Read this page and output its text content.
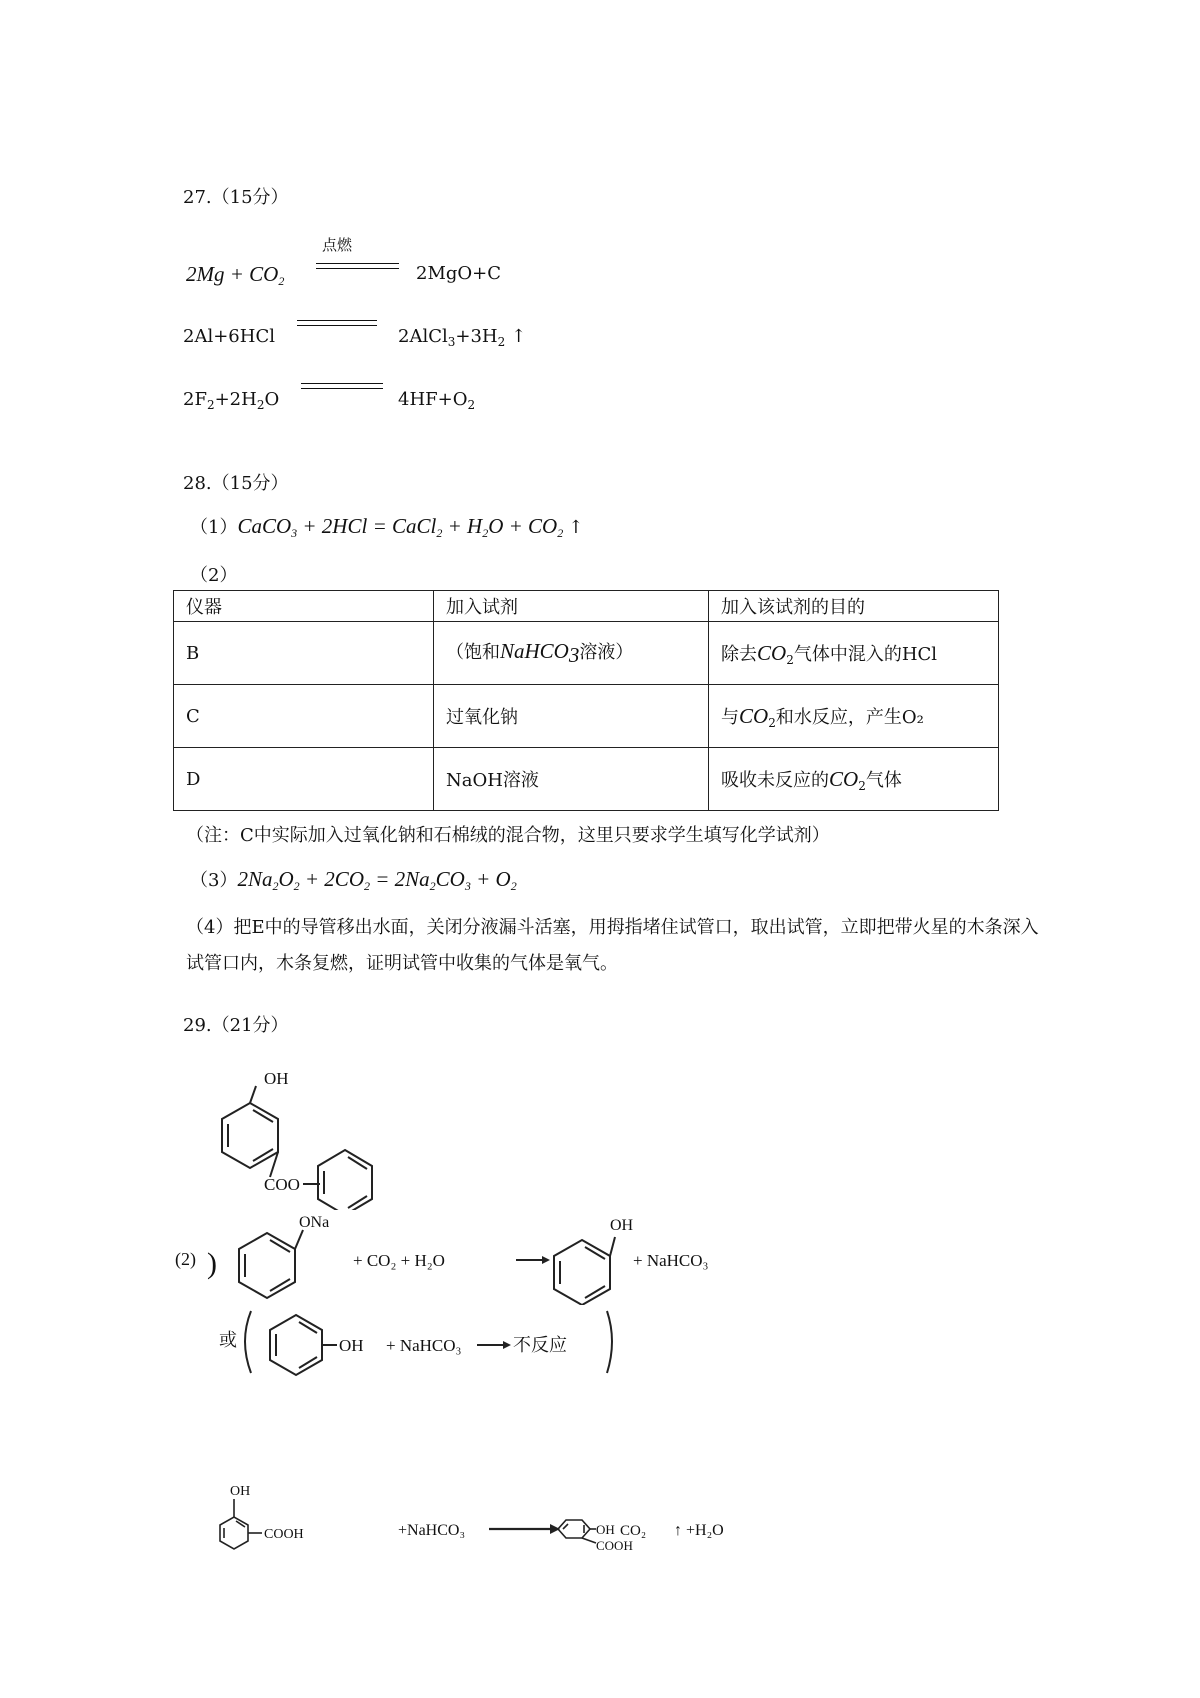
27.（15分）
点燃
$2Mg + CO_2$	2MgO+C
2Al+6HCl	$2AlCl_3+3H_2$ ↑
$2F_2+2H_2O$	$4HF+O_2$
28.（15分）
（1）CaCO$_3$ + 2HCl = CaCl$_2$ + $H_2O + CO_2$ ↑
（2）
仪器	加入试剂	加入该试剂的目的
B	（饱和NaHCO$_3$溶液）	除去$CO_2$气体中混入的HCl
C	过氧化钠	与$CO_2$和水反应，产生O₂
D	NaOH溶液	吸收未反应的$CO_2$气体
（注：C中实际加入过氧化钠和石棉绒的混合物，这里只要求学生填写化学试剂）
$(3)2Na_2O_2 + 2CO_2 = 2Na_2CO_3 + O_2$
（4）把E中的导管移出水面，关闭分液漏斗活塞，用拇指堵住试管口，取出试管，立即把带火星的木条深入试管口内，木条复燃，证明试管中收集的气体是氧气。
29.（21分）
OH
COO
(2) )
ONa
+ CO₂ + H₂O
OH
+ NaHCO₃
或	OH + NaHCO₃	不反应
OH
COOH	+NaHCO₃	OH
COOH
CO₂ ↑ +H₂O
